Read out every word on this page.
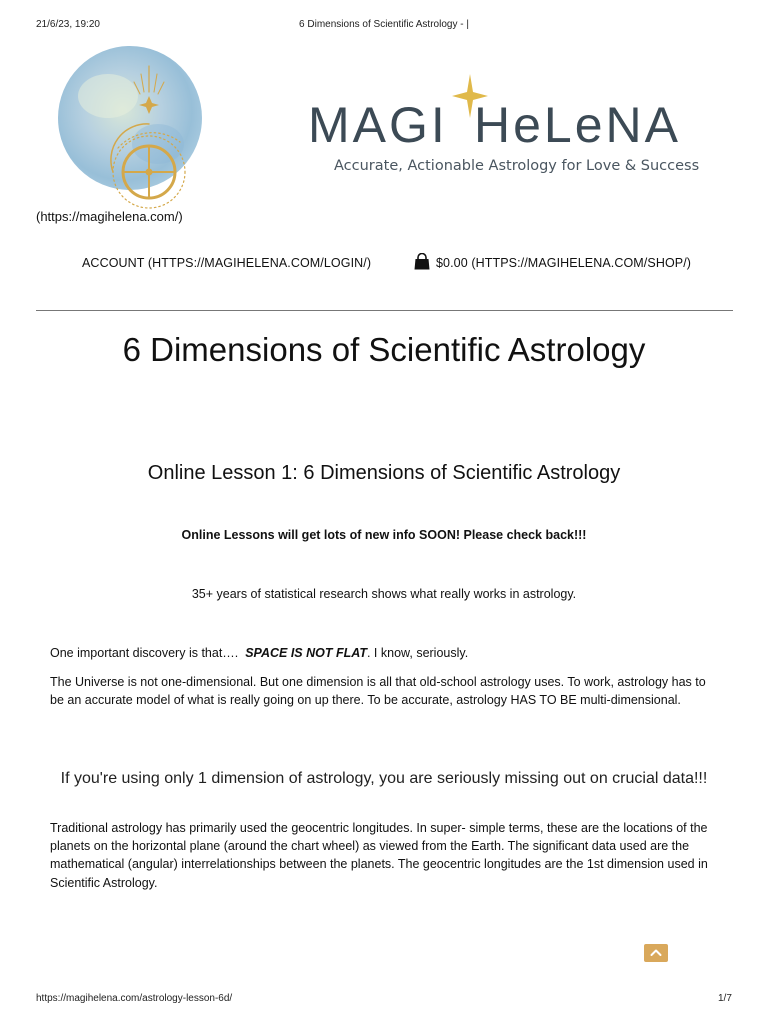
21/6/23, 19:20	6 Dimensions of Scientific Astrology - |
(https://magihelena.com/)
MAGI HeLeNA
Accurate, Actionable Astrology for Love & Success
ACCOUNT (HTTPS://MAGIHELENA.COM/LOGIN/)	$0.00 (HTTPS://MAGIHELENA.COM/SHOP/)
6 Dimensions of Scientific Astrology
Online Lesson 1: 6 Dimensions of Scientific Astrology
Online Lessons will get lots of new info SOON! Please check back!!!
35+ years of statistical research shows what really works in astrology.
One important discovery is that….  SPACE IS NOT FLAT. I know, seriously.
The Universe is not one-dimensional. But one dimension is all that old-school astrology uses. To work, astrology has to be an accurate model of what is really going on up there. To be accurate, astrology HAS TO BE multi-dimensional.
If you're using only 1 dimension of astrology, you are seriously missing out on crucial data!!!
Traditional astrology has primarily used the geocentric longitudes. In super- simple terms, these are the locations of the planets on the horizontal plane (around the chart wheel) as viewed from the Earth. The significant data used are the mathematical (angular) interrelationships between the planets. The geocentric longitudes are the 1st dimension used in Scientific Astrology.
https://magihelena.com/astrology-lesson-6d/	1/7
